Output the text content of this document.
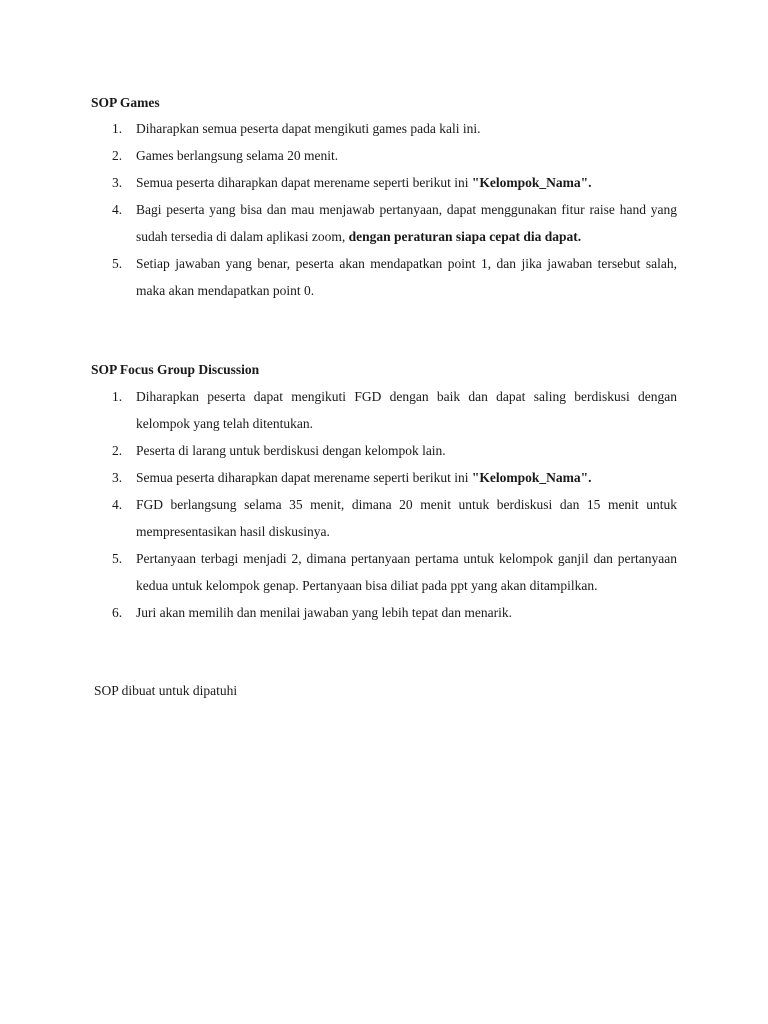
SOP Games
1. Diharapkan semua peserta dapat mengikuti games pada kali ini.
2. Games berlangsung selama 20 menit.
3. Semua peserta diharapkan dapat merename seperti berikut ini "Kelompok_Nama".
4. Bagi peserta yang bisa dan mau menjawab pertanyaan, dapat menggunakan fitur raise hand yang sudah tersedia di dalam aplikasi zoom, dengan peraturan siapa cepat dia dapat.
5. Setiap jawaban yang benar, peserta akan mendapatkan point 1, dan jika jawaban tersebut salah, maka akan mendapatkan point 0.
SOP Focus Group Discussion
1. Diharapkan peserta dapat mengikuti FGD dengan baik dan dapat saling berdiskusi dengan kelompok yang telah ditentukan.
2. Peserta di larang untuk berdiskusi dengan kelompok lain.
3. Semua peserta diharapkan dapat merename seperti berikut ini "Kelompok_Nama".
4. FGD berlangsung selama 35 menit, dimana 20 menit untuk berdiskusi dan 15 menit untuk mempresentasikan hasil diskusinya.
5. Pertanyaan terbagi menjadi 2, dimana pertanyaan pertama untuk kelompok ganjil dan pertanyaan kedua untuk kelompok genap. Pertanyaan bisa diliat pada ppt yang akan ditampilkan.
6. Juri akan memilih dan menilai jawaban yang lebih tepat dan menarik.

SOP dibuat untuk dipatuhi
